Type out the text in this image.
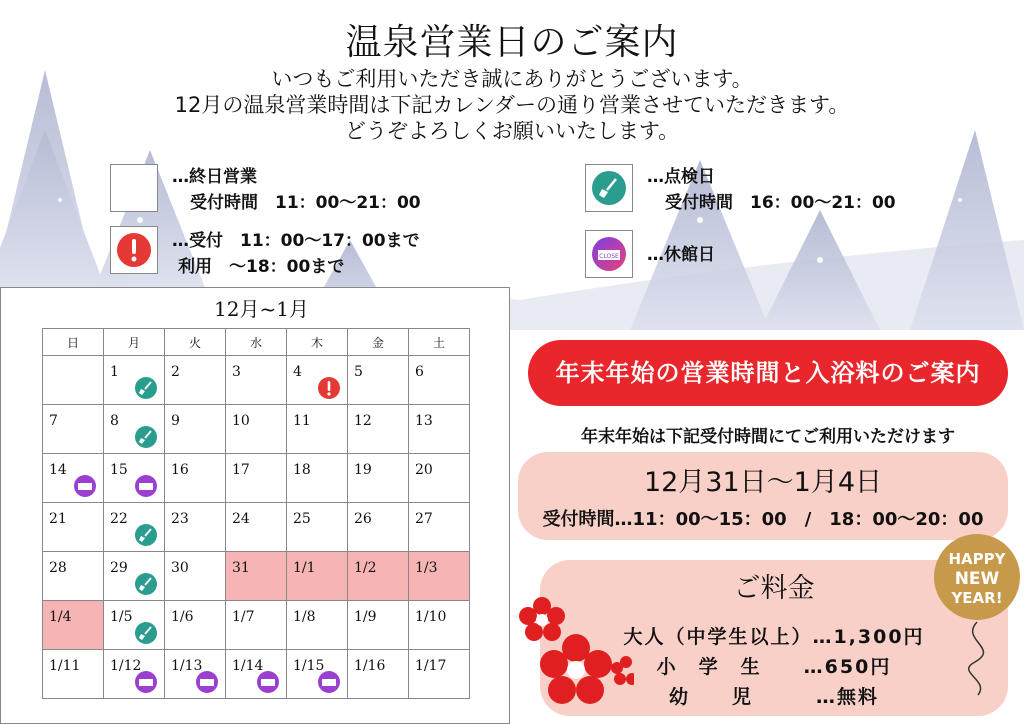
温泉営業日のご案内
いつもご利用いただき誠にありがとうございます。
12月の温泉営業時間は下記カレンダーの通り営業させていただきます。
どうぞよろしくお願いいたします。
…終日営業
受付時間　11：00〜21：00
…受付　11：00〜17：00まで
利用　〜18：00まで
…点検日
受付時間　16：00〜21：00
CLOSE …休館日
12月~1月
日	月	火	水	木	金	土

	1	2	3	4	5	6

7	8	9	10	11	12	13

14	15	16	17	18	19	20

21	22	23	24	25	26	27

28	29	30	31	1/1	1/2	1/3

1/4	1/5	1/6	1/7	1/8	1/9	1/10

1/11	1/12	1/13	1/14	1/15	1/16	1/17
年末年始の営業時間と入浴料のご案内
年末年始は下記受付時間にてご利用いただけます
12月31日〜1月4日
受付時間…11：00〜15：00　/　18：00〜20：00
ご料金
大人（中学生以上）…1,300円
小　学　生　　…650円
幼　　児　　　…無料
HAPPY
NEW
YEAR!
